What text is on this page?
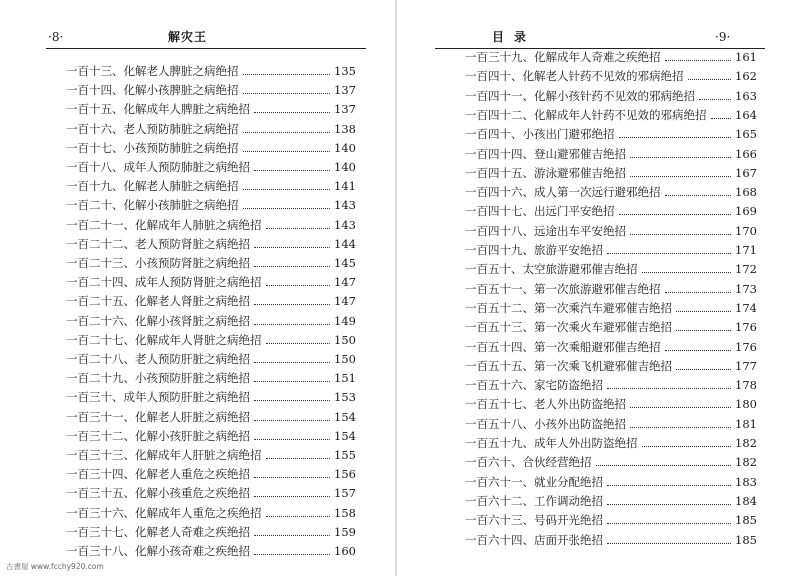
·8·	解灾王
一百十三、化解老人脾脏之病绝招	135
一百十四、化解小孩脾脏之病绝招	137
一百十五、化解成年人脾脏之病绝招	137
一百十六、老人预防肺脏之病绝招	138
一百十七、小孩预防肺脏之病绝招	140
一百十八、成年人预防肺脏之病绝招	140
一百十九、化解老人肺脏之病绝招	141
一百二十、化解小孩肺脏之病绝招	143
一百二十一、化解成年人肺脏之病绝招	143
一百二十二、老人预防肾脏之病绝招	144
一百二十三、小孩预防肾脏之病绝招	145
一百二十四、成年人预防肾脏之病绝招	147
一百二十五、化解老人肾脏之病绝招	147
一百二十六、化解小孩肾脏之病绝招	149
一百二十七、化解成年人肾脏之病绝招	150
一百二十八、老人预防肝脏之病绝招	150
一百二十九、小孩预防肝脏之病绝招	151
一百三十、成年人预防肝脏之病绝招	153
一百三十一、化解老人肝脏之病绝招	154
一百三十二、化解小孩肝脏之病绝招	154
一百三十三、化解成年人肝脏之病绝招	155
一百三十四、化解老人重危之疾绝招	156
一百三十五、化解小孩重危之疾绝招	157
一百三十六、化解成年人重危之疾绝招	158
一百三十七、化解老人奇难之疾绝招	159
一百三十八、化解小孩奇难之疾绝招	160
目录	·9·
一百三十九、化解成年人奇难之疾绝招	161
一百四十、化解老人针药不见效的邪病绝招	162
一百四十一、化解小孩针药不见效的邪病绝招	163
一百四十二、化解成年人针药不见效的邪病绝招 164
一百四十、小孩出门避邪绝招	165
一百四十四、登山避邪催吉绝招	166
一百四十五、游泳避邪催吉绝招	167
一百四十六、成人第一次远行避邪绝招	168
一百四十七、出远门平安绝招	169
一百四十八、远途出车平安绝招	170
一百四十九、旅游平安绝招	171
一百五十、太空旅游避邪催吉绝招	172
一百五十一、第一次旅游避邪催吉绝招	173
一百五十二、第一次乘汽车避邪催吉绝招	174
一百五十三、第一次乘火车避邪催吉绝招	176
一百五十四、第一次乘船避邪催吉绝招	176
一百五十五、第一次乘飞机避邪催吉绝招	177
一百五十六、家宅防盗绝招	178
一百五十七、老人外出防盗绝招	180
一百五十八、小孩外出防盗绝招	181
一百五十九、成年人外出防盗绝招	182
一百六十、合伙经营绝招	182
一百六十一、就业分配绝招	183
一百六十二、工作调动绝招	184
一百六十三、号码开光绝招	185
一百六十四、店面开张绝招	185
古書屋 www.fcchy920.com
